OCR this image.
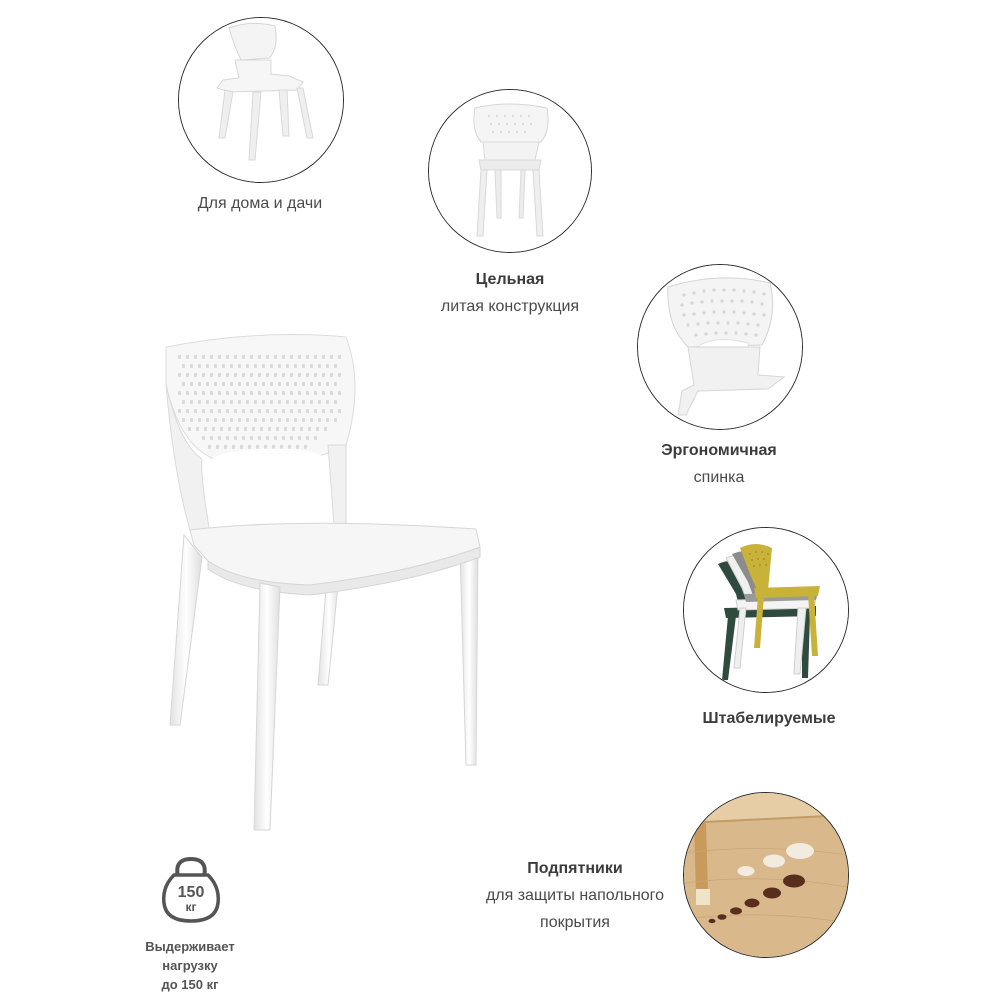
Для дома и дачи
Цельная
литая конструкция
Эргономичная
спинка
Штабелируемые
Подпятники
для защиты напольного покрытия
150
кг
Выдерживает
нагрузку
до 150 кг
